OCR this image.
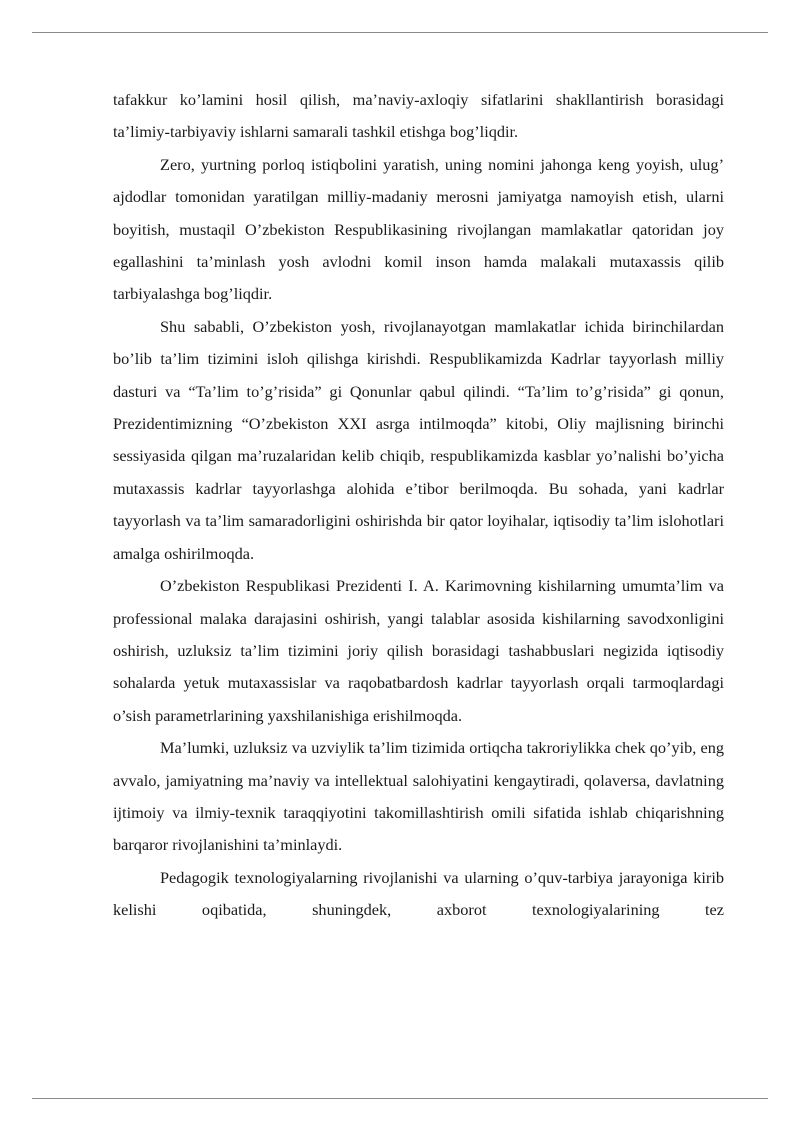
tafakkur ko’lamini hosil qilish, ma’naviy-axloqiy sifatlarini shakllantirish borasidagi ta’limiy-tarbiyaviy ishlarni samarali tashkil etishga bog’liqdir.

Zero, yurtning porloq istiqbolini yaratish, uning nomini jahonga keng yoyish, ulug’ ajdodlar tomonidan yaratilgan milliy-madaniy merosni jamiyatga namoyish etish, ularni boyitish, mustaqil O’zbekiston Respublikasining rivojlangan mamlakatlar qatoridan joy egallashini ta’minlash yosh avlodni komil inson hamda malakali mutaxassis qilib tarbiyalashga bog’liqdir.

Shu sababli, O’zbekiston yosh, rivojlanayotgan mamlakatlar ichida birinchilardan bo’lib ta’lim tizimini isloh qilishga kirishdi. Respublikamizda Kadrlar tayyorlash milliy dasturi va “Ta’lim to’g’risida” gi Qonunlar qabul qilindi. “Ta’lim to’g’risida” gi qonun, Prezidentimizning “O’zbekiston XXI asrga intilmoqda” kitobi, Oliy majlisning birinchi sessiyasida qilgan ma’ruzalaridan kelib chiqib, respublikamizda kasblar yo’nalishi bo’yicha mutaxassis kadrlar tayyorlashga alohida e’tibor berilmoqda. Bu sohada, yani kadrlar tayyorlash va ta’lim samaradorligini oshirishda bir qator loyihalar, iqtisodiy ta’lim islohotlari amalga oshirilmoqda.

O’zbekiston Respublikasi Prezidenti I. A. Karimovning kishilarning umumta’lim va professional malaka darajasini oshirish, yangi talablar asosida kishilarning savodxonligini oshirish, uzluksiz ta’lim tizimini joriy qilish borasidagi tashabbuslari negizida iqtisodiy sohalarda yetuk mutaxassislar va raqobatbardosh kadrlar tayyorlash orqali tarmoqlardagi o’sish parametrlarining yaxshilanishiga erishilmoqda.

Ma’lumki, uzluksiz va uzviylik ta’lim tizimida ortiqcha takroriylikka chek qo’yib, eng avvalo, jamiyatning ma’naviy va intellektual salohiyatini kengaytiradi, qolaversa, davlatning ijtimoiy va ilmiy-texnik taraqqiyotini takomillashtirish omili sifatida ishlab chiqarishning barqaror rivojlanishini ta’minlaydi.

Pedagogik texnologiyalarning rivojlanishi va ularning o’quv-tarbiya jarayoniga kirib kelishi oqibatida, shuningdek, axborot texnologiyalarining tez
